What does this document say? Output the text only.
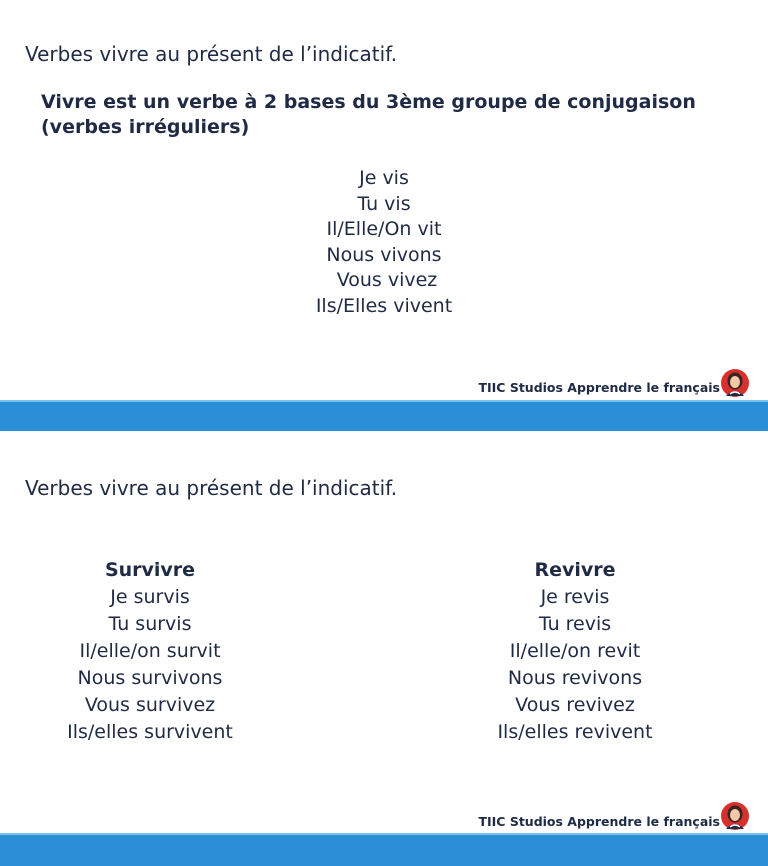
Verbes vivre au présent de l’indicatif.
Vivre est un verbe à 2 bases du 3ème groupe de conjugaison (verbes irréguliers)
Je vis
Tu vis
Il/Elle/On vit
Nous vivons
Vous vivez
Ils/Elles vivent
TIIC Studios Apprendre le français
Verbes vivre au présent de l’indicatif.
Survivre
Je survis
Tu survis
Il/elle/on survit
Nous survivons
Vous survivez
Ils/elles survivent
Revivre
Je revis
Tu revis
Il/elle/on revit
Nous revivons
Vous revivez
Ils/elles revivent
TIIC Studios Apprendre le français
